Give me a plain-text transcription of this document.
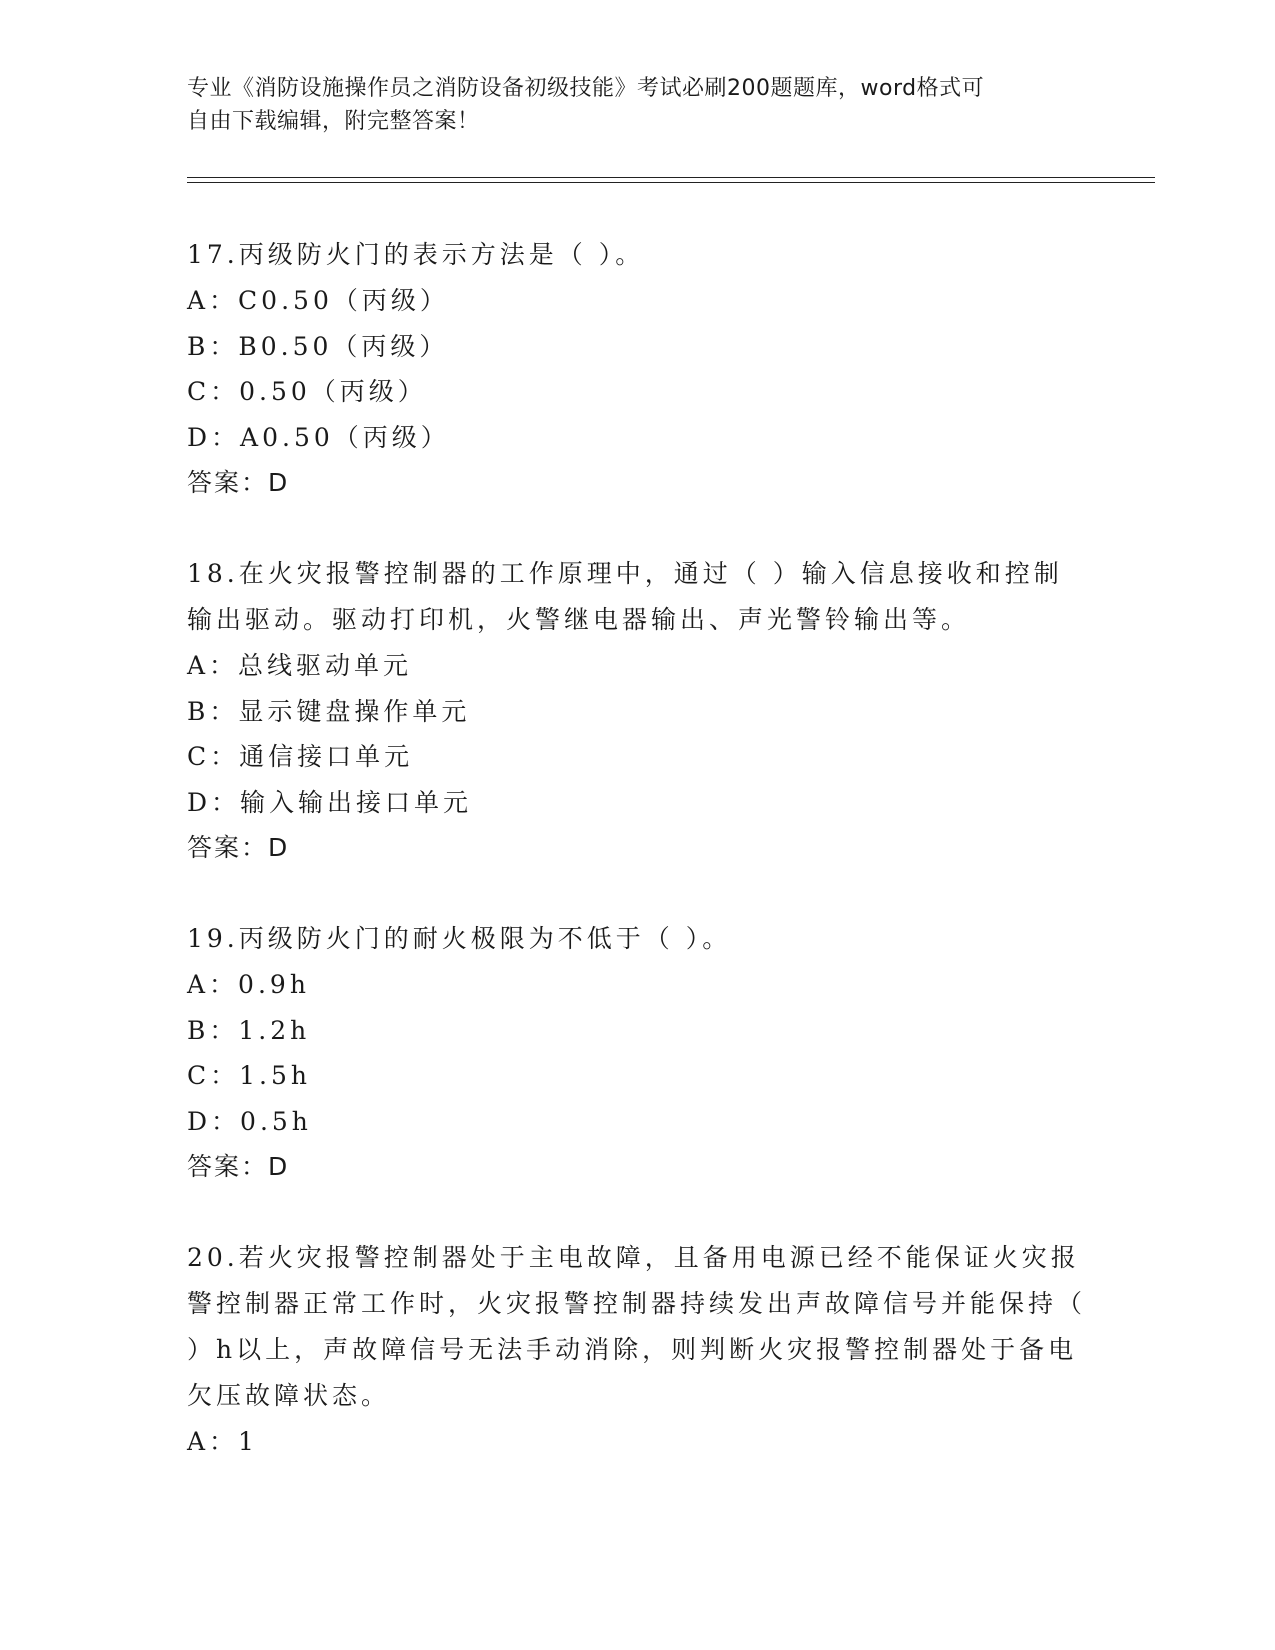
专业《消防设施操作员之消防设备初级技能》考试必刷200题题库，word格式可
自由下载编辑，附完整答案！
17.丙级防火门的表示方法是（ ）。
A：C0.50（丙级）
B：B0.50（丙级）
C：0.50（丙级）
D：A0.50（丙级）
答案：D
18.在火灾报警控制器的工作原理中，通过（ ）输入信息接收和控制输出驱动。驱动打印机，火警继电器输出、声光警铃输出等。
A：总线驱动单元
B：显示键盘操作单元
C：通信接口单元
D：输入输出接口单元
答案：D
19.丙级防火门的耐火极限为不低于（ ）。
A：0.9h
B：1.2h
C：1.5h
D：0.5h
答案：D
20.若火灾报警控制器处于主电故障，且备用电源已经不能保证火灾报警控制器正常工作时，火灾报警控制器持续发出声故障信号并能保持（ ）h以上，声故障信号无法手动消除，则判断火灾报警控制器处于备电欠压故障状态。
A：1
